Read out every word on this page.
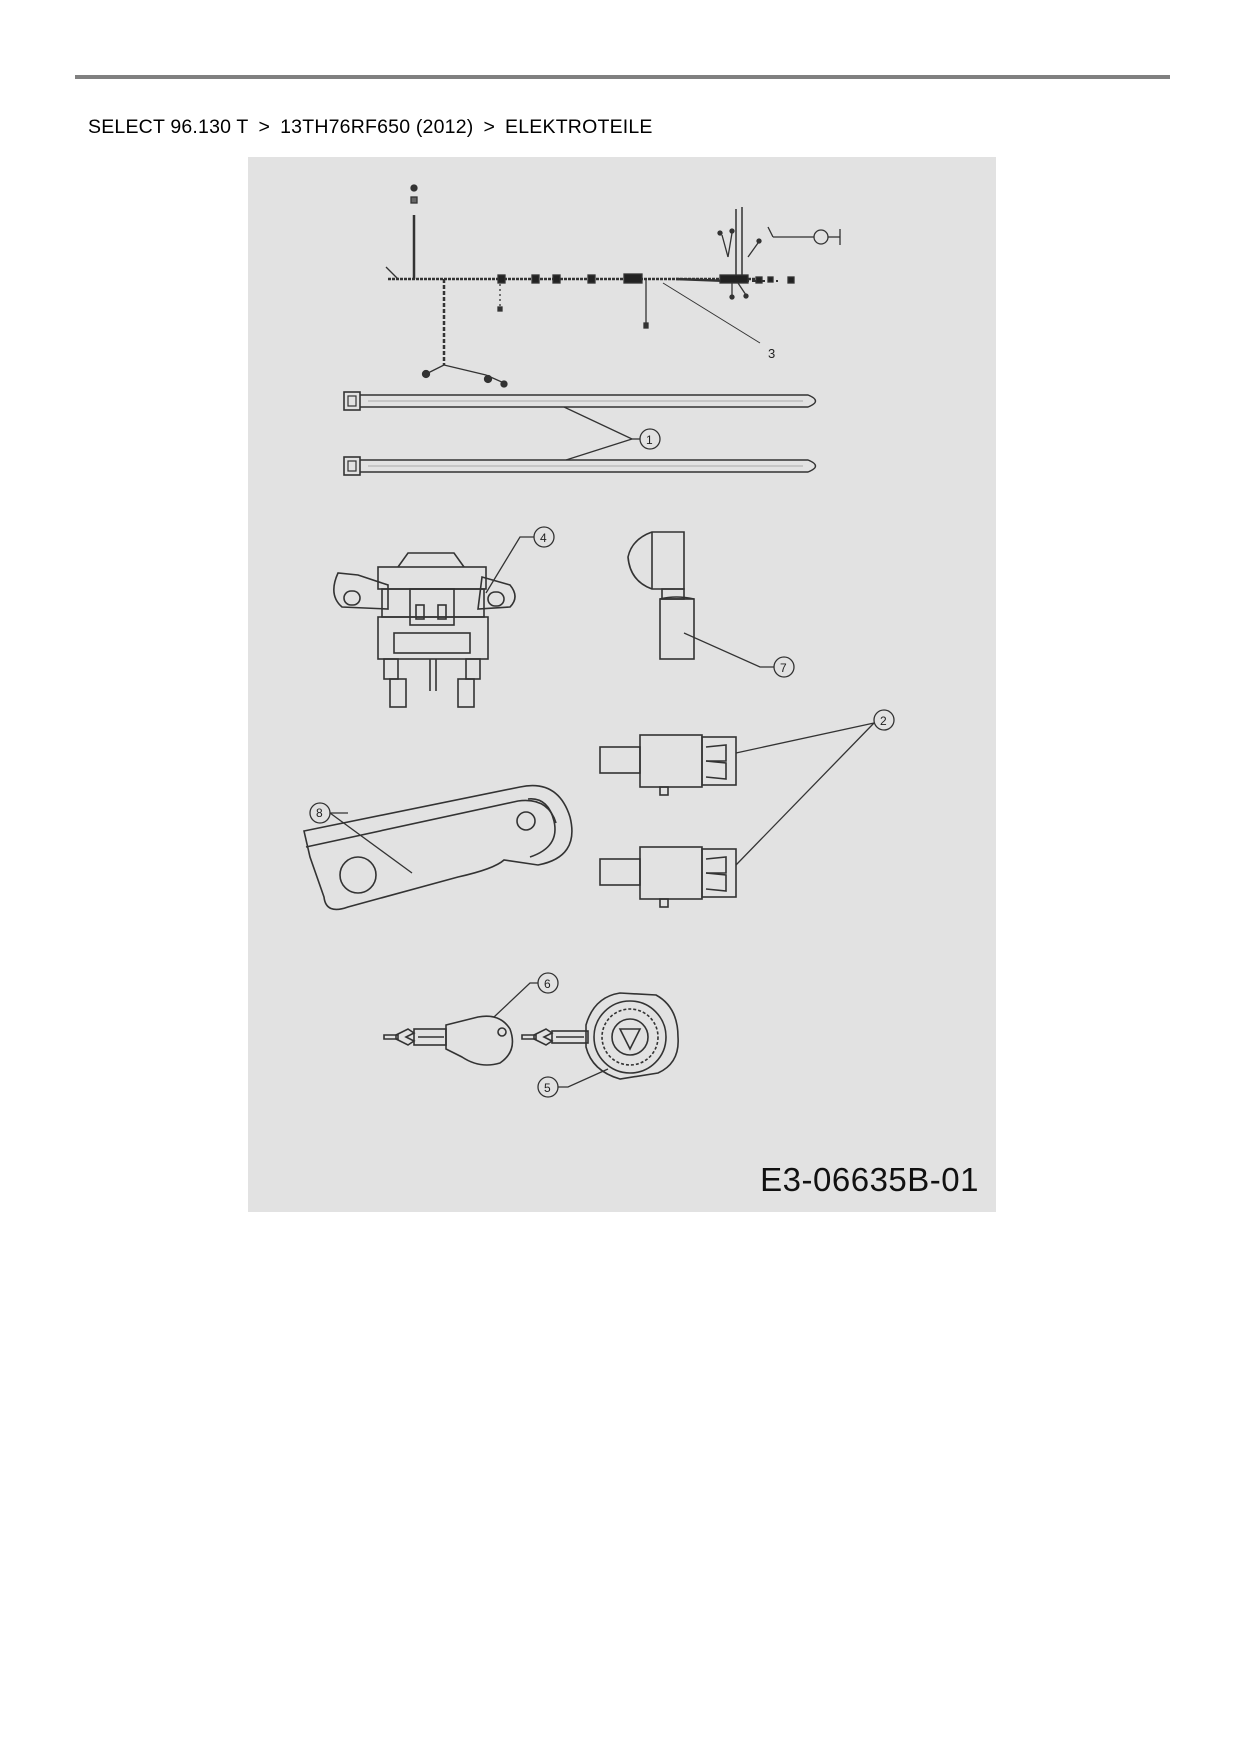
SELECT 96.130 T > 13TH76RF650 (2012) > ELEKTROTEILE
3
1
4
7
8
2
6
5
E3-06635B-01
